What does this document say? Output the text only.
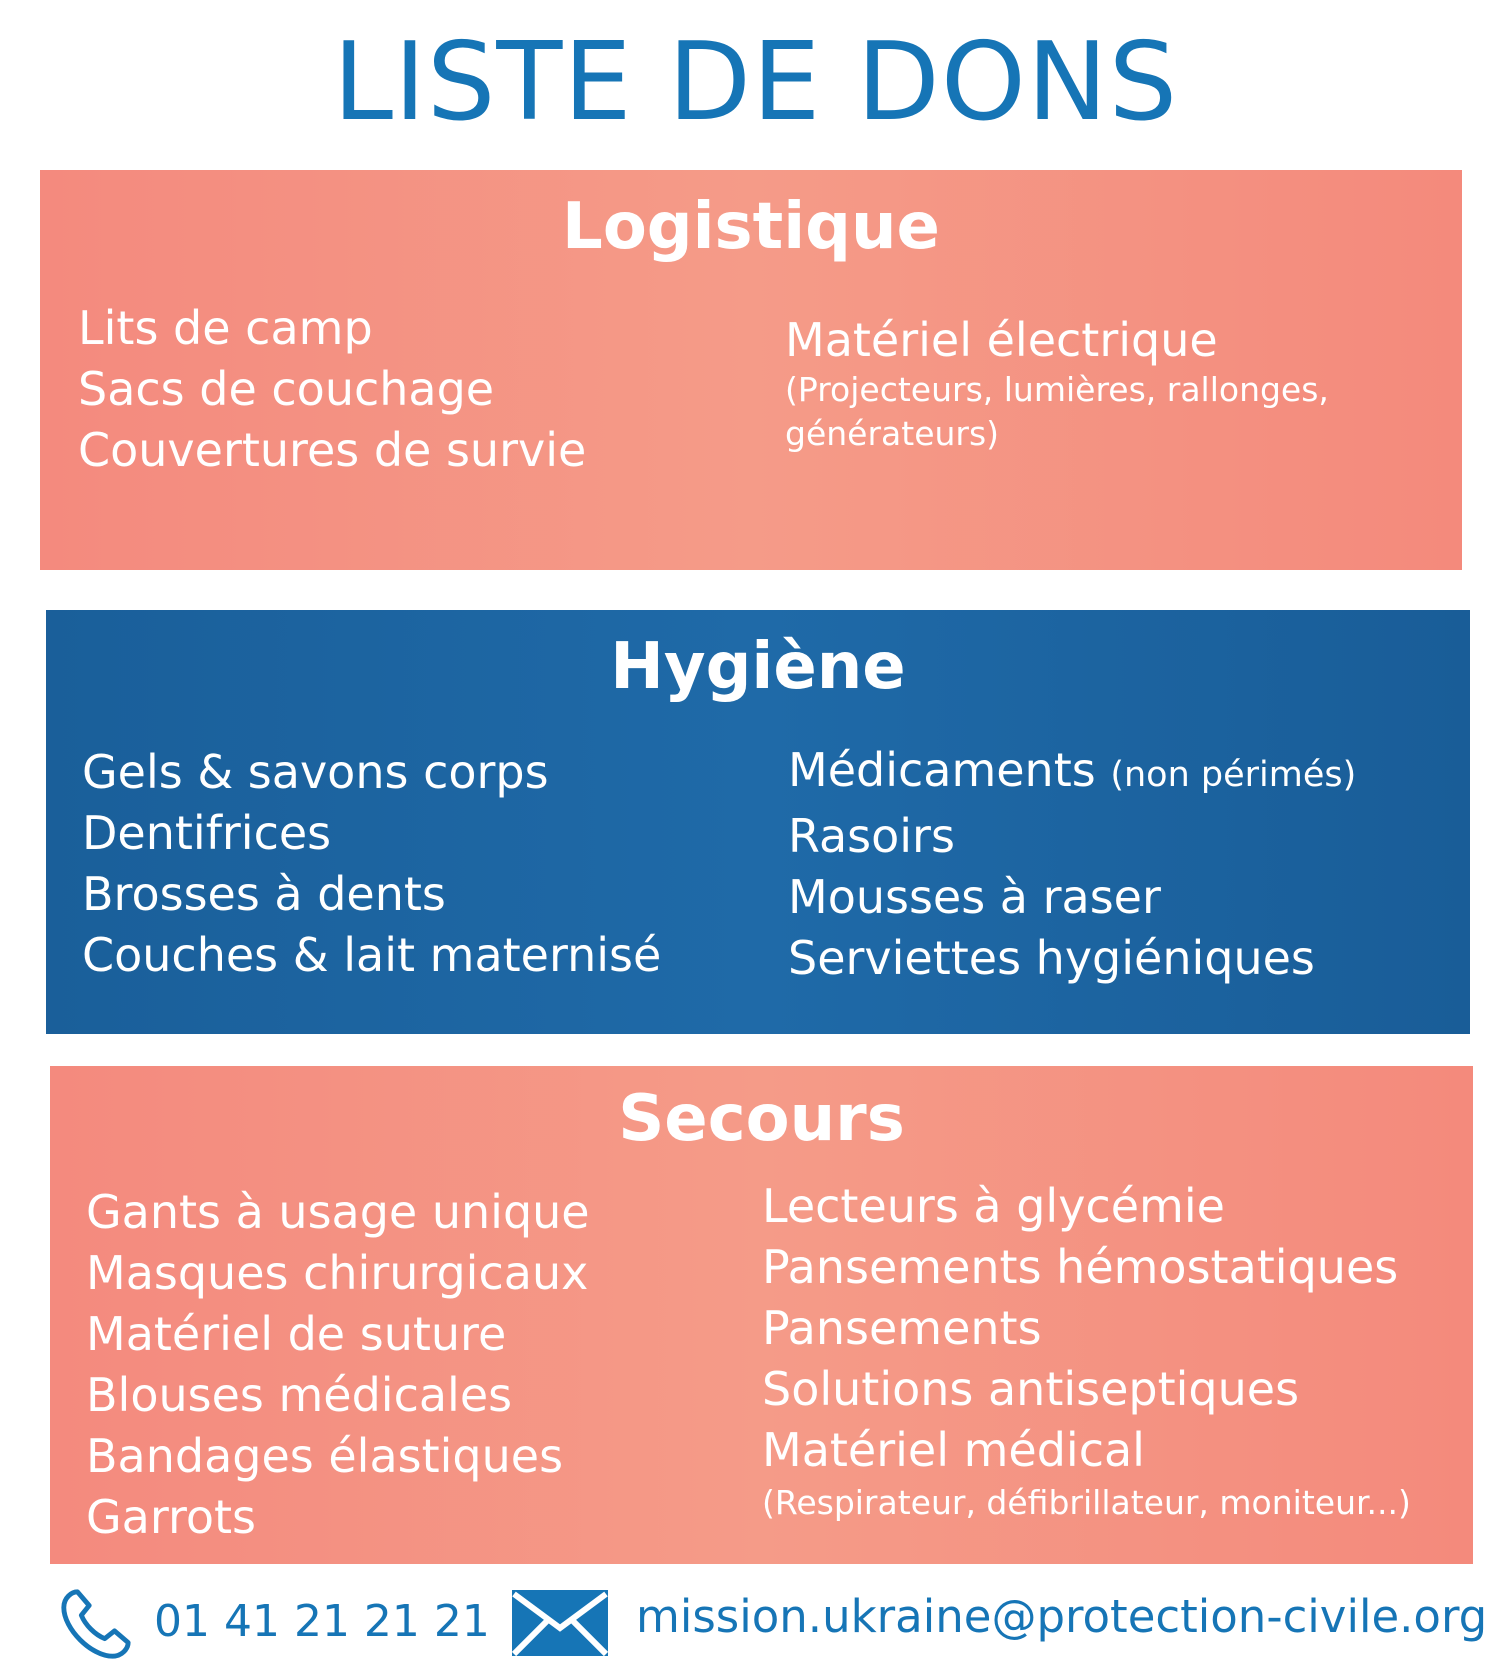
LISTE DE DONS
Logistique
Lits de camp
Sacs de couchage
Couvertures de survie
Matériel électrique
(Projecteurs, lumières, rallonges,
générateurs)
Hygiène
Gels & savons corps
Dentifrices
Brosses à dents
Couches & lait maternisé
Médicaments (non périmés)
Rasoirs
Mousses à raser
Serviettes hygiéniques
Secours
Gants à usage unique
Masques chirurgicaux
Matériel de suture
Blouses médicales
Bandages élastiques
Garrots
Lecteurs à glycémie
Pansements hémostatiques
Pansements
Solutions antiseptiques
Matériel médical
(Respirateur, défibrillateur, moniteur...)
01 41 21 21 21	mission.ukraine@protection-civile.org
